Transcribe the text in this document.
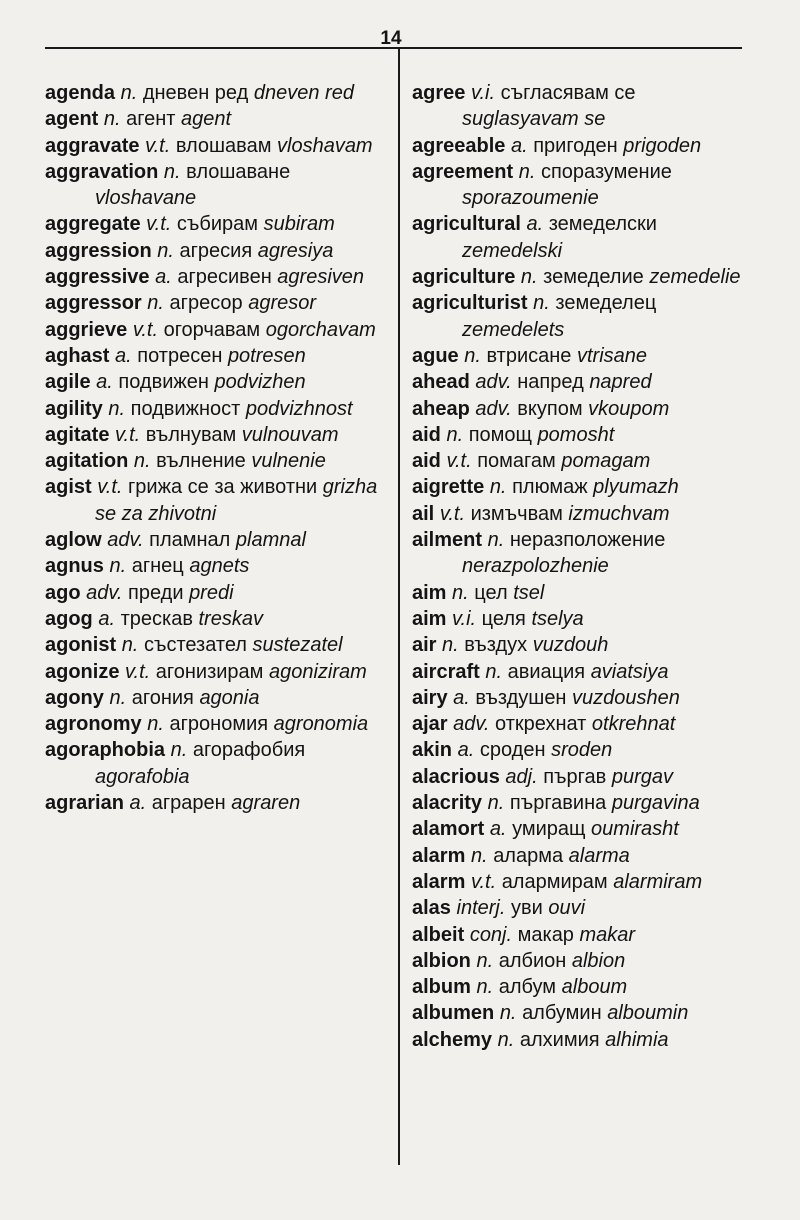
14
agenda n. дневен ред dneven red
agent n. агент agent
aggravate v.t. влошавам vloshavam
aggravation n. влошаване vloshavane
aggregate v.t. събирам subiram
aggression n. агресия agresiya
aggressive a. агресивен agresiven
aggressor n. агресор agresor
aggrieve v.t. огорчавам ogorchavam
aghast a. потресен potresen
agile a. подвижен podvizhen
agility n. подвижност podvizhnost
agitate v.t. вълнувам vulnouvam
agitation n. вълнение vulnenie
agist v.t. грижа се за животни grizha se za zhivotni
aglow adv. пламнал plamnal
agnus n. агнец agnets
ago adv. преди predi
agog a. трескав treskav
agonist n. състезател sustezatel
agonize v.t. агонизирам agoniziram
agony n. агония agonia
agronomy n. агрономия agronomia
agoraphobia n. агорафобия agorafobia
agrarian a. аграрен agraren
agree v.i. съгласявам се suglasyavam se
agreeable a. пригоден prigoden
agreement n. споразумение sporazoumenie
agricultural a. земеделски zemedelski
agriculture n. земеделие zemedelie
agriculturist n. земеделец zemedelets
ague n. втрисане vtrisane
ahead adv. напред napred
aheap adv. вкупом vkoupom
aid n. помощ pomosht
aid v.t. помагам pomagam
aigrette n. плюмаж plyumazh
ail v.t. измъчвам izmuchvam
ailment n. неразположение nerazpolozhenie
aim n. цел tsel
aim v.i. целя tselya
air n. въздух vuzdouh
aircraft n. авиация aviatsiya
airy a. въздушен vuzdoushen
ajar adv. открехнат otkrehnat
akin a. сроден sroden
alacrious adj. пъргав purgav
alacrity n. пъргавина purgavina
alamort a. умиращ oumirasht
alarm n. аларма alarma
alarm v.t. алармирам alarmiram
alas interj. уви ouvi
albeit conj. макар makar
albion n. албион albion
album n. албум alboum
albumen n. албумин alboumin
alchemy n. алхимия alhimia
